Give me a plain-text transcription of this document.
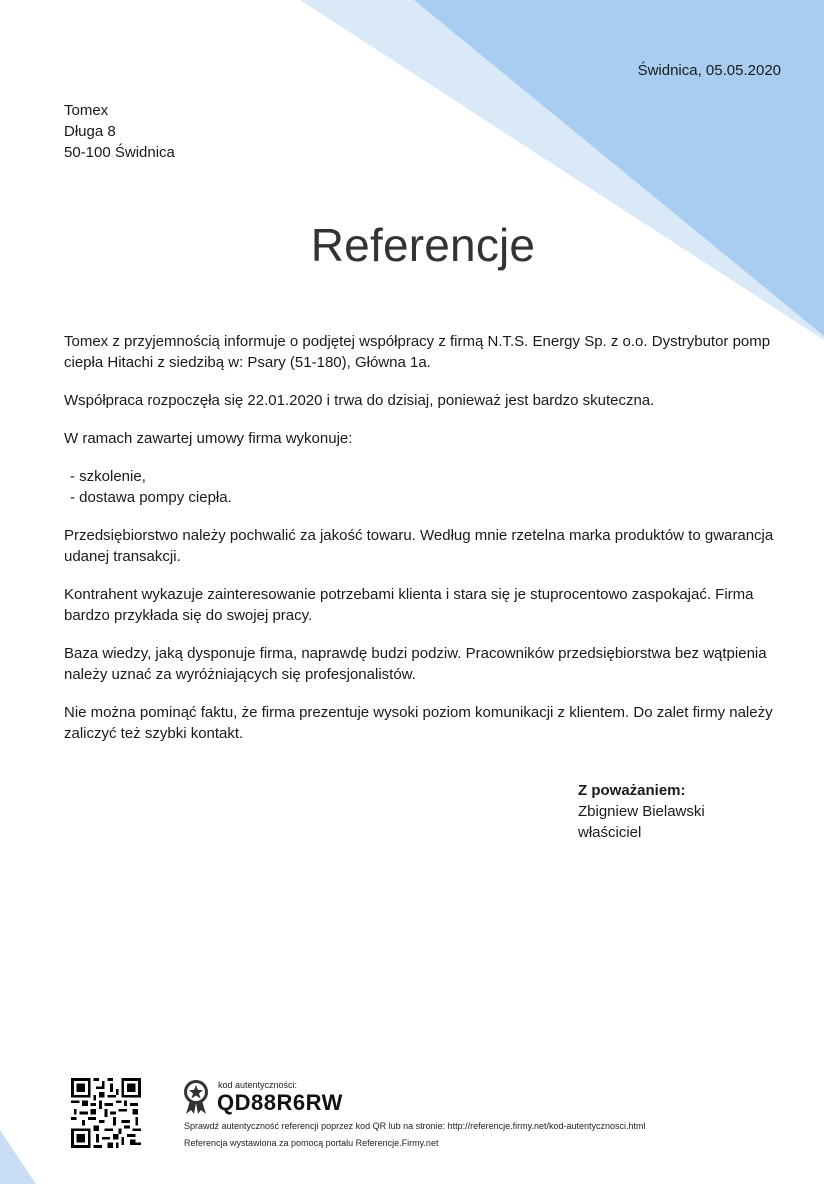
Świdnica, 05.05.2020
Tomex
Długa 8
50-100 Świdnica
Referencje

Tomex z przyjemnością informuje o podjętej współpracy z firmą N.T.S. Energy Sp. z o.o. Dystrybutor pomp ciepła Hitachi z siedzibą w: Psary (51-180), Główna 1a.

Współpraca rozpoczęła się 22.01.2020 i trwa do dzisiaj, ponieważ jest bardzo skuteczna.

W ramach zawartej umowy firma wykonuje:

- szkolenie,
- dostawa pompy ciepła.

Przedsiębiorstwo należy pochwalić za jakość towaru. Według mnie rzetelna marka produktów to gwarancja udanej transakcji.

Kontrahent wykazuje zainteresowanie potrzebami klienta i stara się je stuprocentowo zaspokajać. Firma bardzo przykłada się do swojej pracy.

Baza wiedzy, jaką dysponuje firma, naprawdę budzi podziw. Pracowników przedsiębiorstwa bez wątpienia należy uznać za wyróżniających się profesjonalistów.

Nie można pominąć faktu, że firma prezentuje wysoki poziom komunikacji z klientem. Do zalet firmy należy zaliczyć też szybki kontakt.

Z poważaniem:
Zbigniew Bielawski
właściciel
kod autentyczności:
QD88R6RW
Sprawdź autentyczność referencji poprzez kod QR lub na stronie: http://referencje.firmy.net/kod-autentycznosci.html
Referencja wystawiona za pomocą portalu Referencje.Firmy.net
